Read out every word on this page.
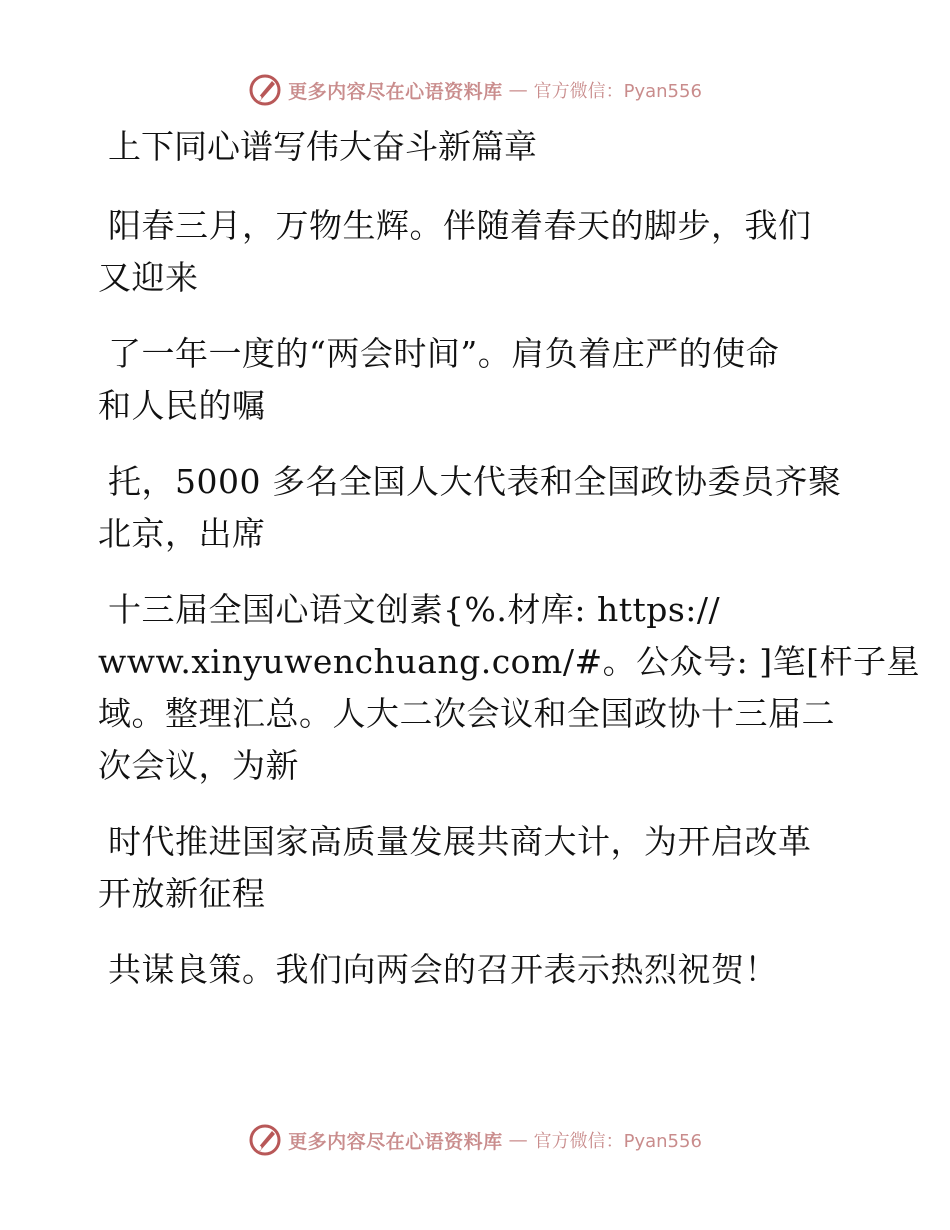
更多内容尽在心语资料库 — 官方微信：Pyan556
上下同心谱写伟大奋斗新篇章
阳春三月，万物生辉。伴随着春天的脚步，我们
又迎来
了一年一度的“两会时间”。肩负着庄严的使命
和人民的嘱
托，5000 多名全国人大代表和全国政协委员齐聚
北京，出席
十三届全国心语文创素{%.材库: https://
www.xinyuwenchuang.com/#。公众号: ]笔[杆子星
域。整理汇总。人大二次会议和全国政协十三届二
次会议，为新
时代推进国家高质量发展共商大计，为开启改革
开放新征程
共谋良策。我们向两会的召开表示热烈祝贺！
更多内容尽在心语资料库 — 官方微信：Pyan556
